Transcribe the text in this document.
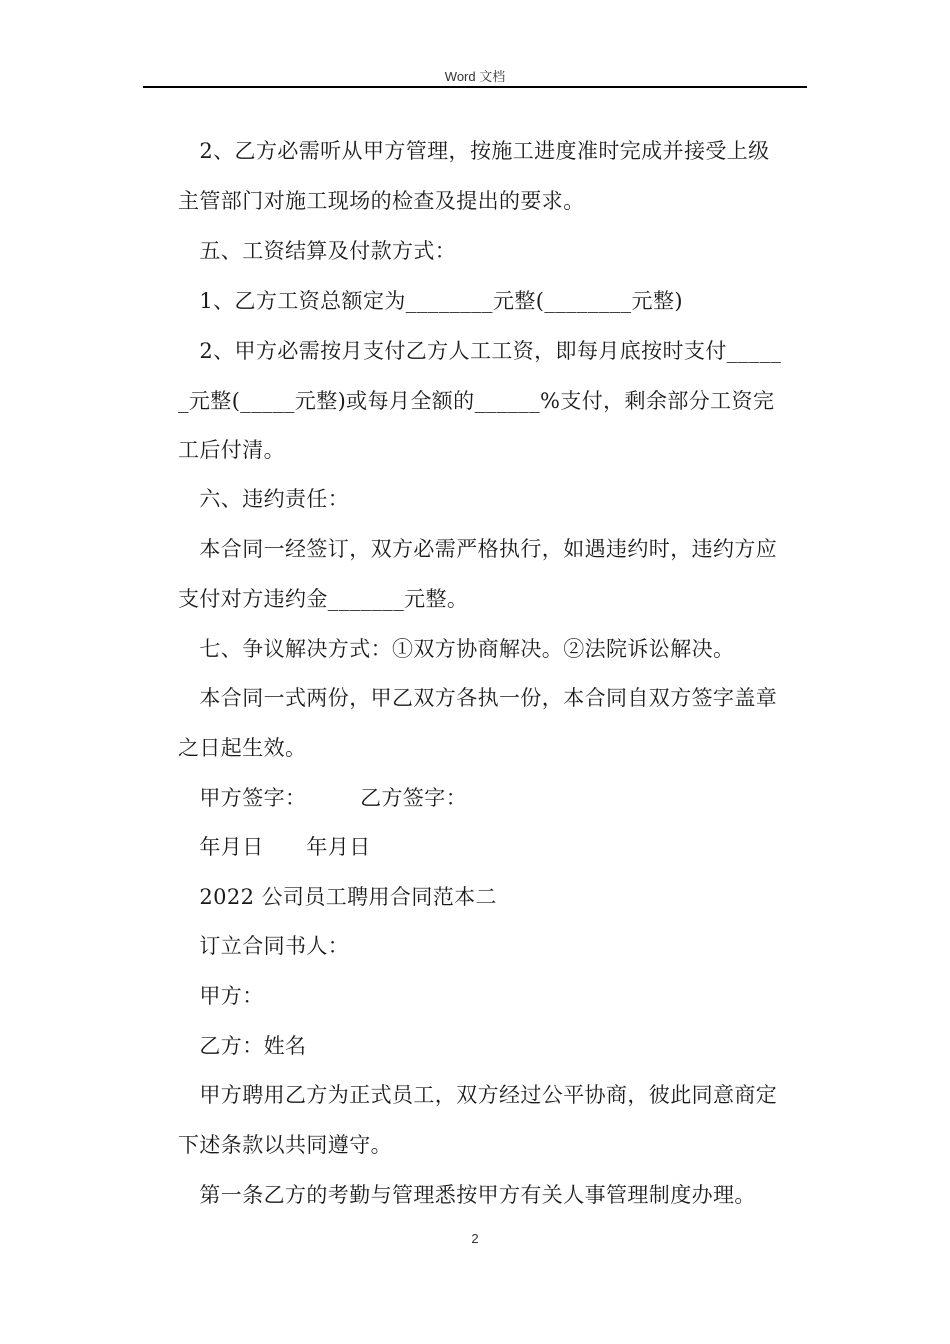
Word 文档
　2、乙方必需听从甲方管理，按施工进度准时完成并接受上级
主管部门对施工现场的检查及提出的要求。
　五、工资结算及付款方式：
　1、乙方工资总额定为________元整(________元整)
　2、甲方必需按月支付乙方人工工资，即每月底按时支付_____
_元整(_____元整)或每月全额的______%支付，剩余部分工资完
工后付清。
　六、违约责任：
　本合同一经签订，双方必需严格执行，如遇违约时，违约方应
支付对方违约金_______元整。
　七、争议解决方式：①双方协商解决。②法院诉讼解决。
　本合同一式两份，甲乙双方各执一份，本合同自双方签字盖章
之日起生效。
　甲方签字：　　　乙方签字：
　年月日　　年月日
　2022 公司员工聘用合同范本二
　订立合同书人：
　甲方：
　乙方：姓名
　甲方聘用乙方为正式员工，双方经过公平协商，彼此同意商定
下述条款以共同遵守。
　第一条乙方的考勤与管理悉按甲方有关人事管理制度办理。
2
